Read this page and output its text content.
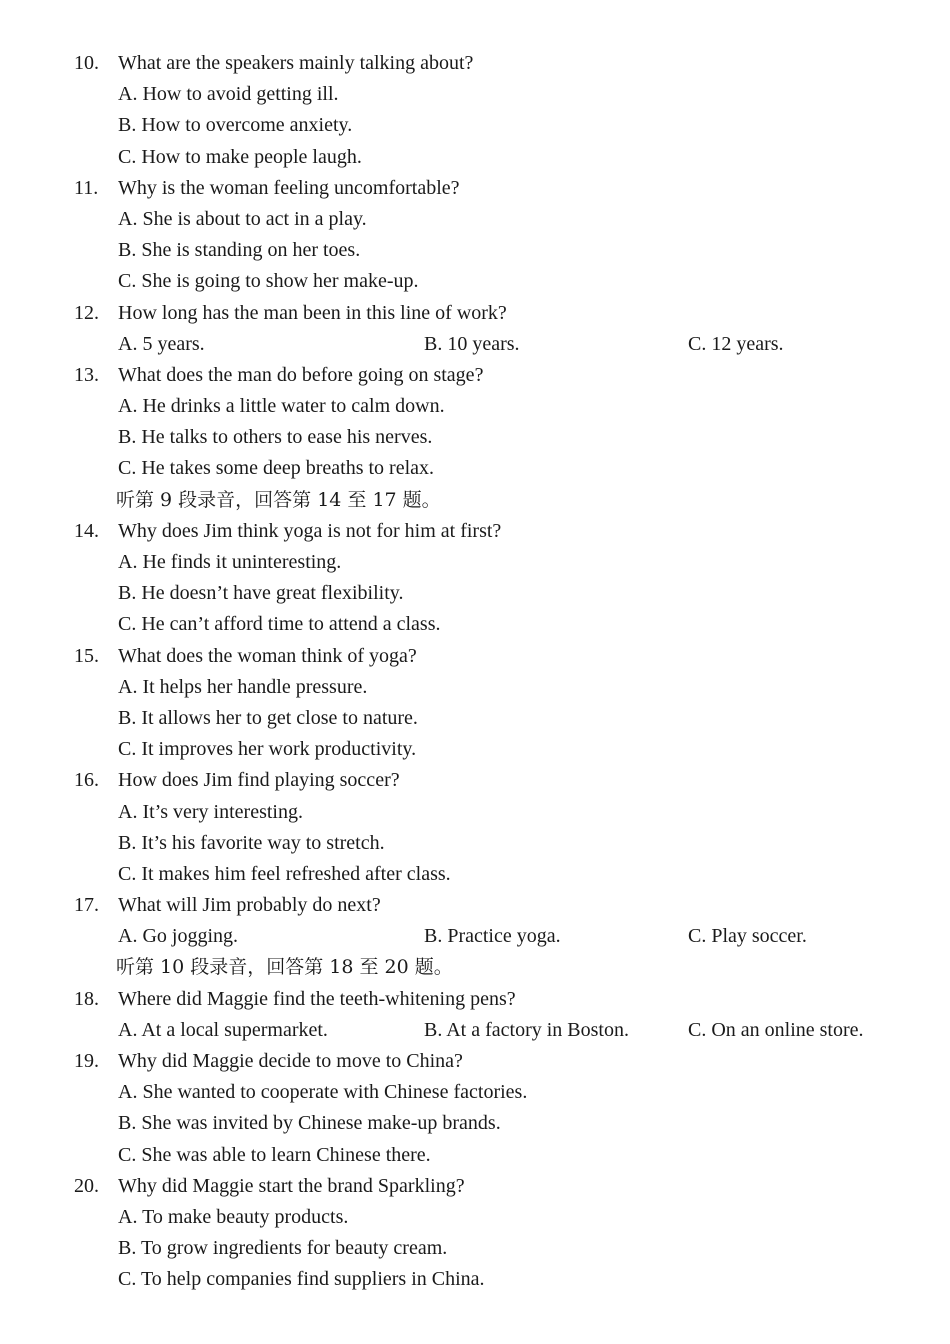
10. What are the speakers mainly talking about?
A. How to avoid getting ill.
B. How to overcome anxiety.
C. How to make people laugh.
11. Why is the woman feeling uncomfortable?
A. She is about to act in a play.
B. She is standing on her toes.
C. She is going to show her make-up.
12. How long has the man been in this line of work?
A. 5 years.	B. 10 years.	C. 12 years.
13. What does the man do before going on stage?
A. He drinks a little water to calm down.
B. He talks to others to ease his nerves.
C. He takes some deep breaths to relax.
听第 9 段录音，回答第 14 至 17 题。
14. Why does Jim think yoga is not for him at first?
A. He finds it uninteresting.
B. He doesn’t have great flexibility.
C. He can’t afford time to attend a class.
15. What does the woman think of yoga?
A. It helps her handle pressure.
B. It allows her to get close to nature.
C. It improves her work productivity.
16. How does Jim find playing soccer?
A. It’s very interesting.
B. It’s his favorite way to stretch.
C. It makes him feel refreshed after class.
17. What will Jim probably do next?
A. Go jogging.	B. Practice yoga.	C. Play soccer.
听第 10 段录音，回答第 18 至 20 题。
18. Where did Maggie find the teeth-whitening pens?
A. At a local supermarket.	B. At a factory in Boston.	C. On an online store.
19. Why did Maggie decide to move to China?
A. She wanted to cooperate with Chinese factories.
B. She was invited by Chinese make-up brands.
C. She was able to learn Chinese there.
20. Why did Maggie start the brand Sparkling?
A. To make beauty products.
B. To grow ingredients for beauty cream.
C. To help companies find suppliers in China.
